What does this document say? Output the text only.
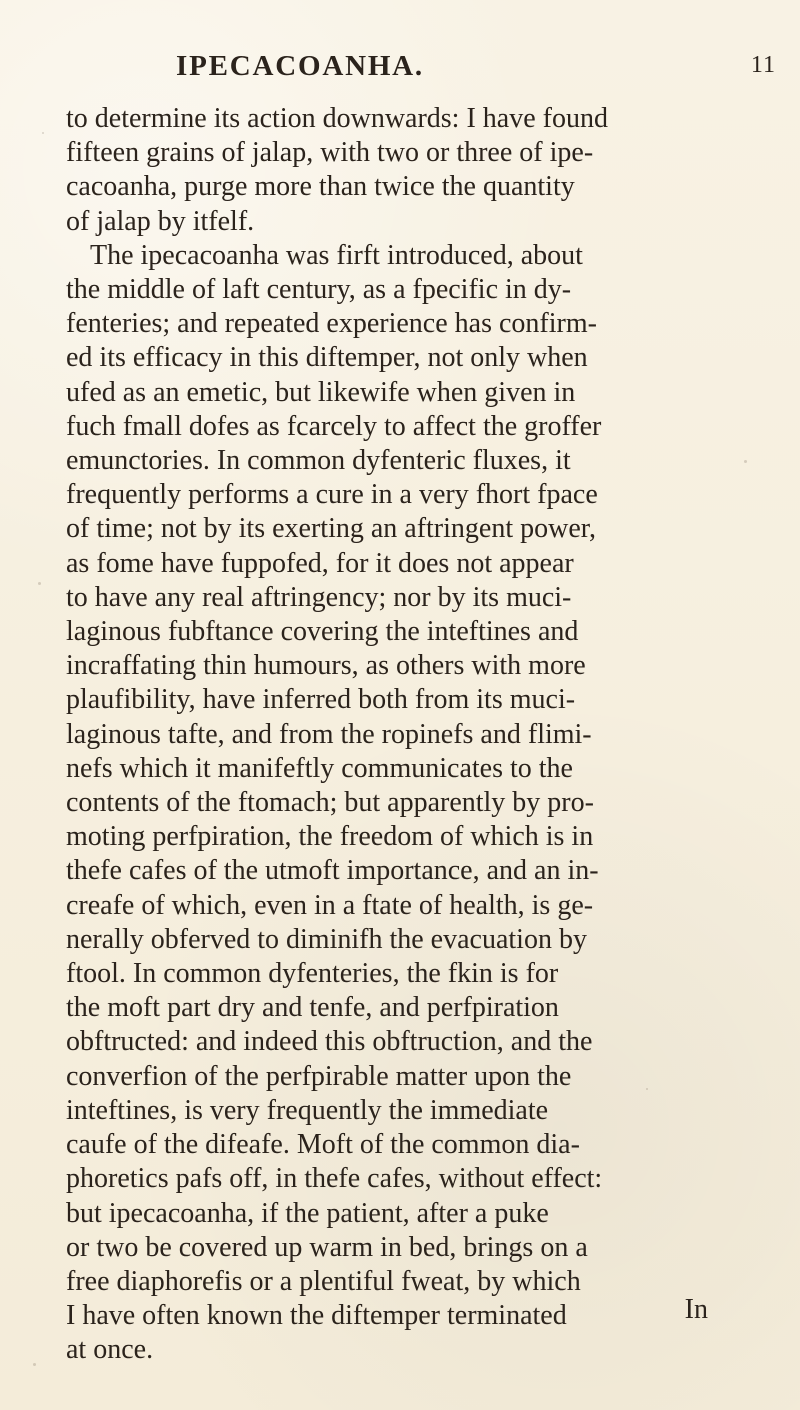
IPECACOANHA.	11
to determine its action downwards: I have found
fifteen grains of jalap, with two or three of ipe-
cacoanha, purge more than twice the quantity
of jalap by itfelf.
The ipecacoanha was firft introduced, about
the middle of laft century, as a fpecific in dy-
fenteries; and repeated experience has confirm-
ed its efficacy in this diftemper, not only when
ufed as an emetic, but likewife when given in
fuch fmall dofes as fcarcely to affect the groffer
emunctories. In common dyfenteric fluxes, it
frequently performs a cure in a very fhort fpace
of time; not by its exerting an aftringent power,
as fome have fuppofed, for it does not appear
to have any real aftringency; nor by its muci-
laginous fubftance covering the inteftines and
incraffating thin humours, as others with more
plaufibility, have inferred both from its muci-
laginous tafte, and from the ropinefs and flimi-
nefs which it manifeftly communicates to the
contents of the ftomach; but apparently by pro-
moting perfpiration, the freedom of which is in
thefe cafes of the utmoft importance, and an in-
creafe of which, even in a ftate of health, is ge-
nerally obferved to diminifh the evacuation by
ftool. In common dyfenteries, the fkin is for
the moft part dry and tenfe, and perfpiration
obftructed: and indeed this obftruction, and the
converfion of the perfpirable matter upon the
inteftines, is very frequently the immediate
caufe of the difeafe. Moft of the common dia-
phoretics pafs off, in thefe cafes, without effect:
but ipecacoanha, if the patient, after a puke
or two be covered up warm in bed, brings on a
free diaphorefis or a plentiful fweat, by which
I have often known the diftemper terminated
at once.
In
